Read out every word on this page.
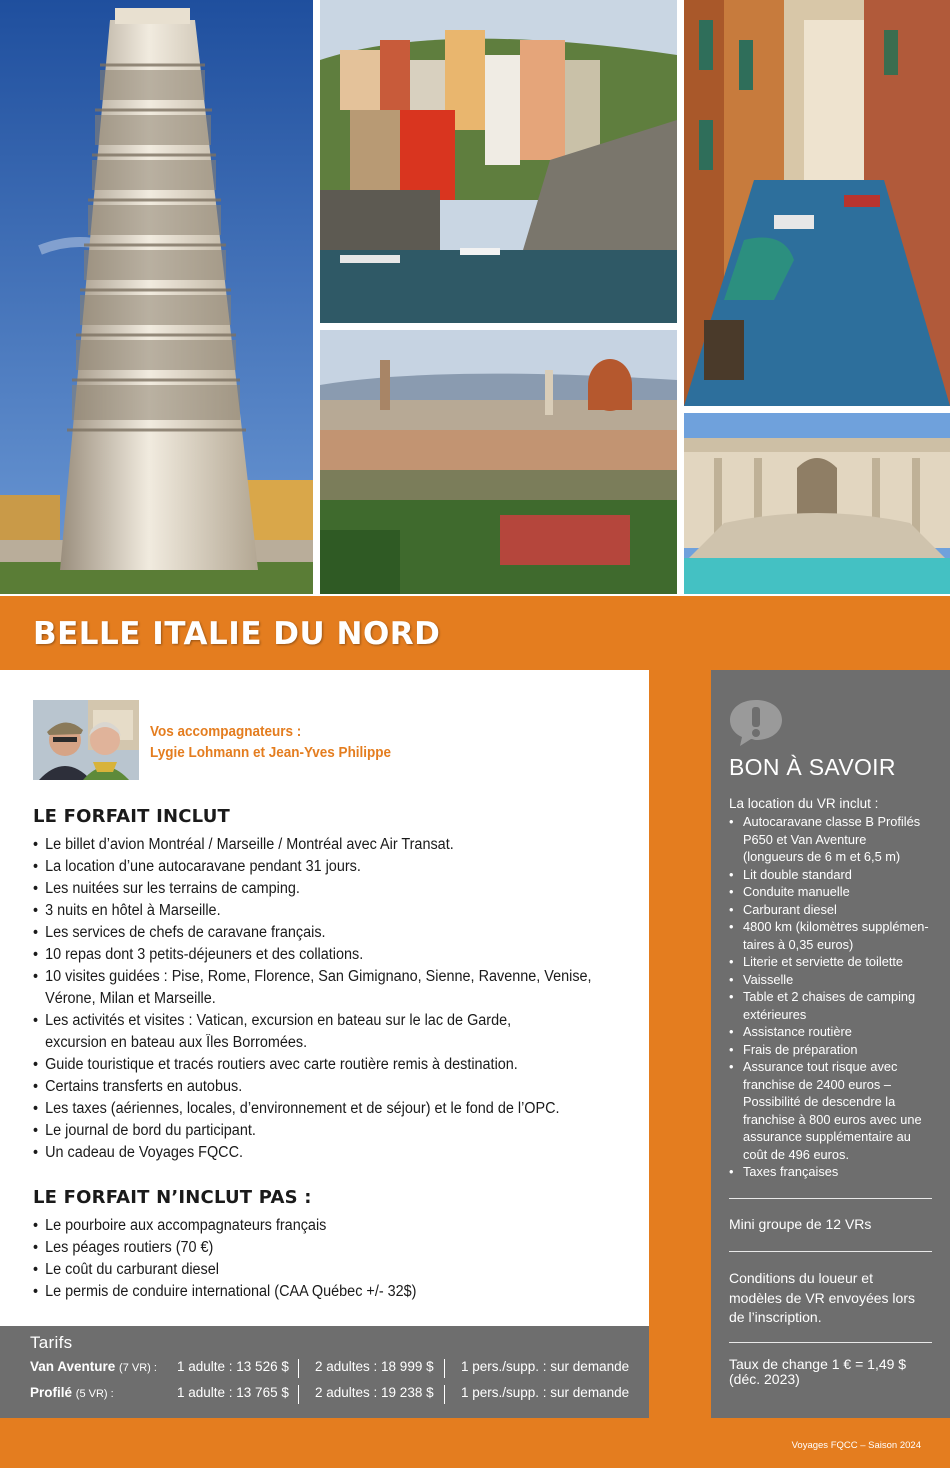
BELLE ITALIE DU NORD
Vos accompagnateurs :
Lygie Lohmann et Jean-Yves Philippe
LE FORFAIT INCLUT
• Le billet d’avion Montréal / Marseille / Montréal avec Air Transat.
• La location d’une autocaravane pendant 31 jours.
• Les nuitées sur les terrains de camping.
• 3 nuits en hôtel à Marseille.
• Les services de chefs de caravane français.
• 10 repas dont 3 petits-déjeuners et des collations.
• 10 visites guidées : Pise, Rome, Florence, San Gimignano, Sienne, Ravenne, Venise,
Vérone, Milan et Marseille.
• Les activités et visites : Vatican, excursion en bateau sur le lac de Garde,
excursion en bateau aux Îles Borromées.
• Guide touristique et tracés routiers avec carte routière remis à destination.
• Certains transferts en autobus.
• Les taxes (aériennes, locales, d’environnement et de séjour) et le fond de l’OPC.
• Le journal de bord du participant.
• Un cadeau de Voyages FQCC.
LE FORFAIT N’INCLUT PAS :
• Le pourboire aux accompagnateurs français
• Les péages routiers (70 €)
• Le coût du carburant diesel
• Le permis de conduire international (CAA Québec +/- 32$)
Tarifs
Van Aventure (7 VR) : 1 adulte : 13 526 $ 2 adultes : 18 999 $ 1 pers./supp. : sur demande
Profilé (5 VR) :	1 adulte : 13 765 $ 2 adultes : 19 238 $ 1 pers./supp. : sur demande
BON À SAVOIR
La location du VR inclut :
• Autocaravane classe B Profilés P650 et Van Aventure (longueurs de 6 m et 6,5 m)
• Lit double standard
• Conduite manuelle
• Carburant diesel
• 4800 km (kilomètres supplémen-taires à 0,35 euros)
• Literie et serviette de toilette
• Vaisselle
• Table et 2 chaises de camping extérieures
• Assistance routière
• Frais de préparation
• Assurance tout risque avec franchise de 2400 euros – Possibilité de descendre la franchise à 800 euros avec une assurance supplémentaire au coût de 496 euros.
• Taxes françaises
Mini groupe de 12 VRs
Conditions du loueur et modèles de VR envoyées lors de l’inscription.
Taux de change 1 € = 1,49 $ (déc. 2023)
Voyages FQCC – Saison 2024
